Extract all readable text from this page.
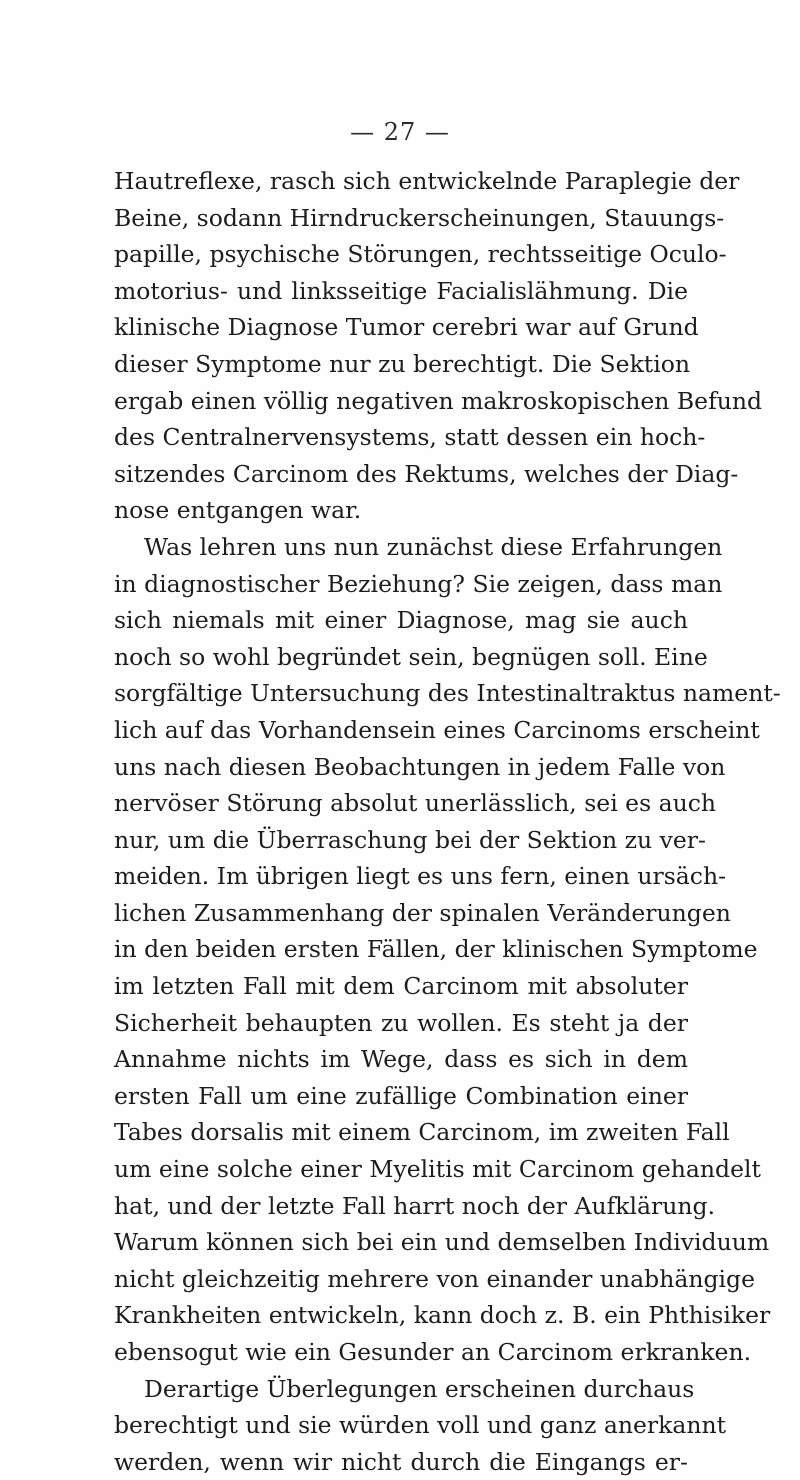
— 27 —
Hautreflexe, rasch sich entwickelnde Paraplegie der
Beine, sodann Hirndruckerscheinungen, Stauungs-
papille, psychische Störungen, rechtsseitige Oculo-
motorius- und linksseitige Facialislähmung. Die
klinische Diagnose Tumor cerebri war auf Grund
dieser Symptome nur zu berechtigt. Die Sektion
ergab einen völlig negativen makroskopischen Befund
des Centralnervensystems, statt dessen ein hoch-
sitzendes Carcinom des Rektums, welches der Diag-
nose entgangen war.
Was lehren uns nun zunächst diese Erfahrungen
in diagnostischer Beziehung? Sie zeigen, dass man
sich niemals mit einer Diagnose, mag sie auch
noch so wohl begründet sein, begnügen soll. Eine
sorgfältige Untersuchung des Intestinaltraktus nament-
lich auf das Vorhandensein eines Carcinoms erscheint
uns nach diesen Beobachtungen in jedem Falle von
nervöser Störung absolut unerlässlich, sei es auch
nur, um die Überraschung bei der Sektion zu ver-
meiden. Im übrigen liegt es uns fern, einen ursäch-
lichen Zusammenhang der spinalen Veränderungen
in den beiden ersten Fällen, der klinischen Symptome
im letzten Fall mit dem Carcinom mit absoluter
Sicherheit behaupten zu wollen. Es steht ja der
Annahme nichts im Wege, dass es sich in dem
ersten Fall um eine zufällige Combination einer
Tabes dorsalis mit einem Carcinom, im zweiten Fall
um eine solche einer Myelitis mit Carcinom gehandelt
hat, und der letzte Fall harrt noch der Aufklärung.
Warum können sich bei ein und demselben Individuum
nicht gleichzeitig mehrere von einander unabhängige
Krankheiten entwickeln, kann doch z. B. ein Phthisiker
ebensogut wie ein Gesunder an Carcinom erkranken.
Derartige Überlegungen erscheinen durchaus
berechtigt und sie würden voll und ganz anerkannt
werden, wenn wir nicht durch die Eingangs er-
